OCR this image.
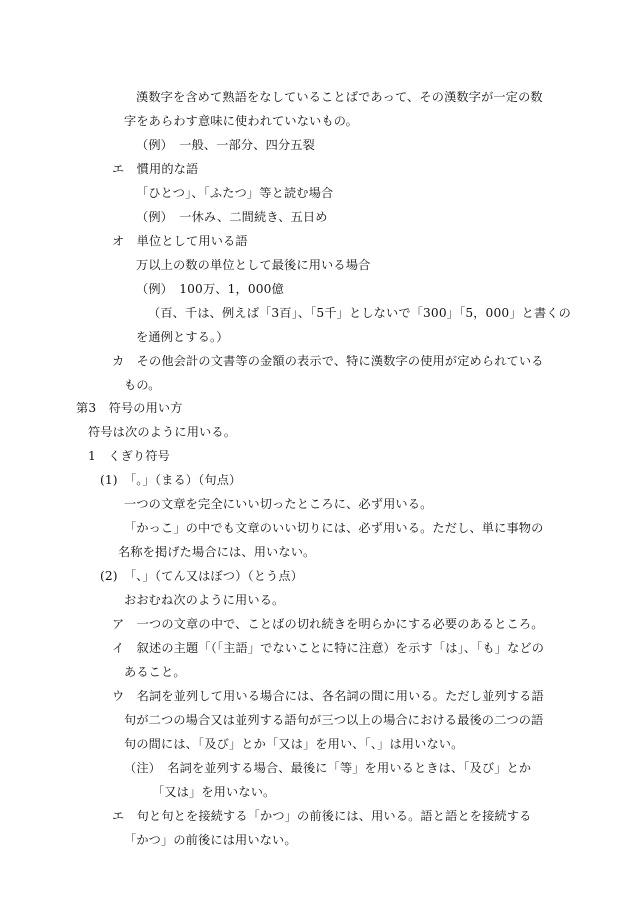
漢数字を含めて熟語をなしていることばであって、その漢数字が一定の数

字をあらわす意味に使われていないもの。

（例）　一般、一部分、四分五裂

エ　慣用的な語

「ひとつ」、「ふたつ」等と読む場合

（例）　一休み、二間続き、五日め

オ　単位として用いる語

万以上の数の単位として最後に用いる場合

（例）　100万、1，000億

（百、千は、例えば「3百」、「5千」としないで「300」「5，000」と書くの

を通例とする。）

カ　その他会計の文書等の金額の表示で、特に漢数字の使用が定められている

もの。

第3　符号の用い方

符号は次のように用いる。

1　くぎり符号

(1)　「。」（まる）（句点）

一つの文章を完全にいい切ったところに、必ず用いる。

「かっこ」の中でも文章のいい切りには、必ず用いる。ただし、単に事物の

名称を掲げた場合には、用いない。

(2)　「、」（てん又はぼつ）（とう点）

おおむね次のように用いる。

ア　一つの文章の中で、ことばの切れ続きを明らかにする必要のあるところ。

イ　叙述の主題「（「主語」でないことに特に注意）を示す「は」、「も」などの

あること。

ウ　名詞を並列して用いる場合には、各名詞の間に用いる。ただし並列する語

句が二つの場合又は並列する語句が三つ以上の場合における最後の二つの語

句の間には、「及び」とか「又は」を用い、「、」は用いない。

（注）　名詞を並列する場合、最後に「等」を用いるときは、「及び」とか

「又は」を用いない。

エ　句と句とを接続する「かつ」の前後には、用いる。語と語とを接続する

「かつ」の前後には用いない。
